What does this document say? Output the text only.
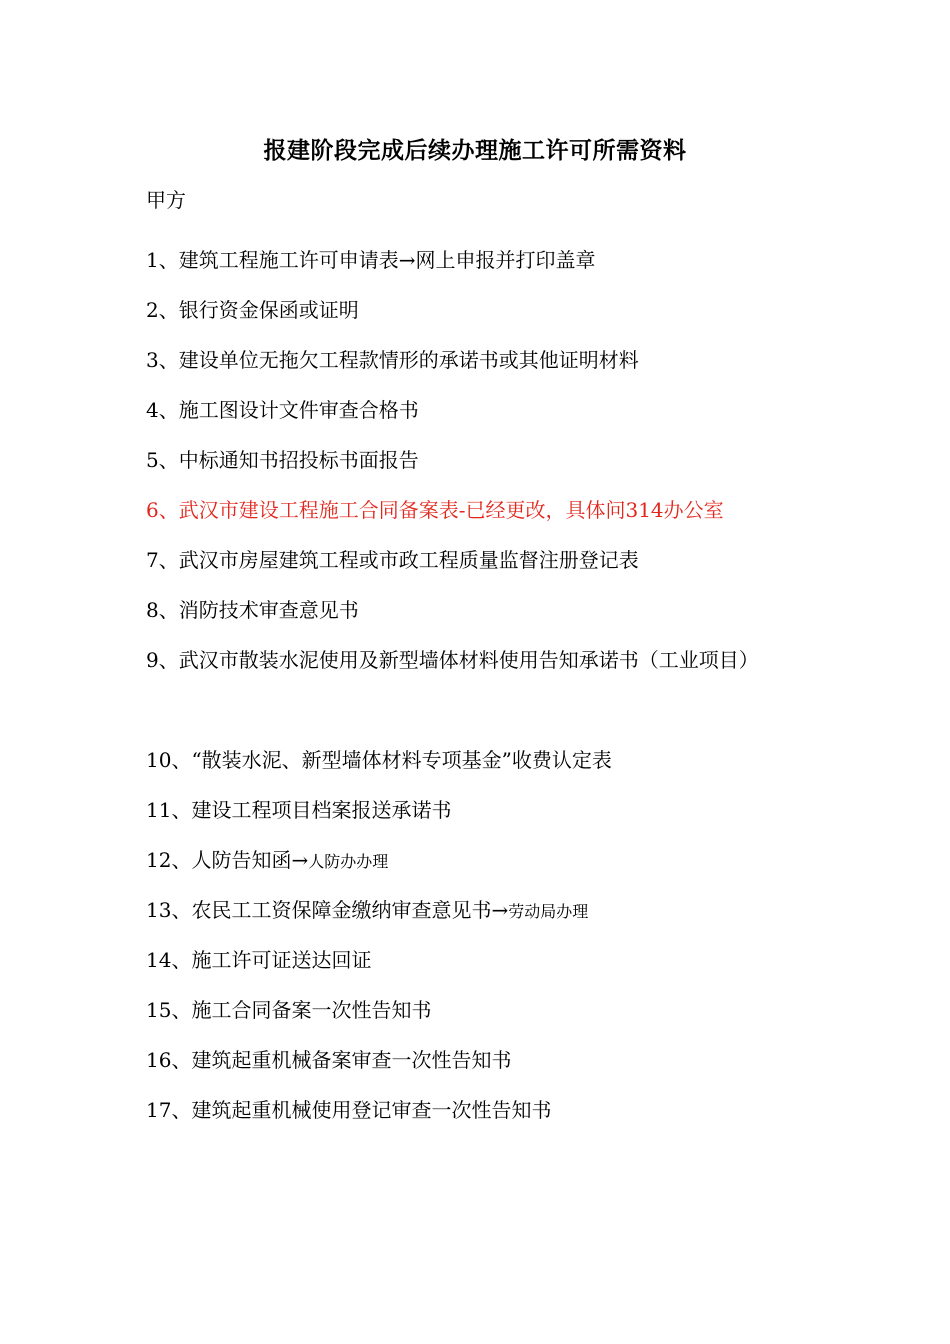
报建阶段完成后续办理施工许可所需资料
甲方
1、建筑工程施工许可申请表→网上申报并打印盖章
2、银行资金保函或证明
3、建设单位无拖欠工程款情形的承诺书或其他证明材料
4、施工图设计文件审查合格书
5、中标通知书招投标书面报告
6、武汉市建设工程施工合同备案表-已经更改，具体问314办公室
7、武汉市房屋建筑工程或市政工程质量监督注册登记表
8、消防技术审查意见书
9、武汉市散装水泥使用及新型墙体材料使用告知承诺书（工业项目）
10、“散装水泥、新型墙体材料专项基金”收费认定表
11、建设工程项目档案报送承诺书
12、人防告知函→人防办办理
13、农民工工资保障金缴纳审查意见书→劳动局办理
14、施工许可证送达回证
15、施工合同备案一次性告知书
16、建筑起重机械备案审查一次性告知书
17、建筑起重机械使用登记审查一次性告知书
